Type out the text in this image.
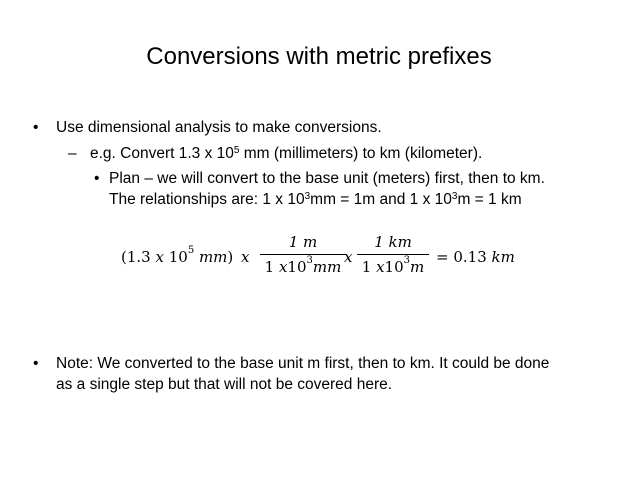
Conversions with metric prefixes
• Use dimensional analysis to make conversions.
– e.g. Convert 1.3 x $10^5$ mm (millimeters) to km (kilometer).
• Plan – we will convert to the base unit (meters) first, then to km.
The relationships are: 1 x $10^3mm = 1m$ and 1 x $10^3m = 1$ km
(1.3 x $10^5$ mm) x
1 m
1 $x10^3mm$
x
1 km
1 $x10^3m$
= 0.13 km
• Note: We converted to the base unit m first, then to km. It could be done
as a single step but that will not be covered here.
